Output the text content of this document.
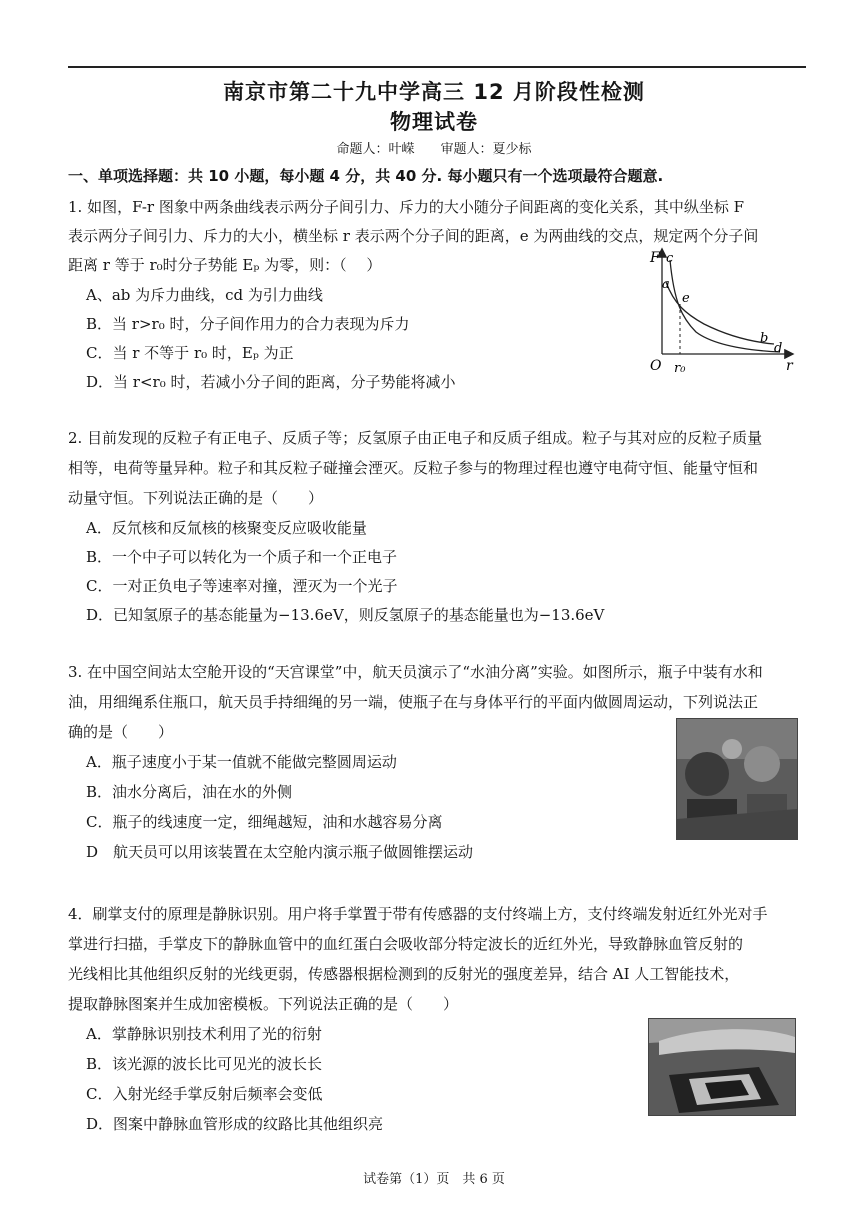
南京市第二十九中学高三 12 月阶段性检测
物理试卷
命题人：叶嵘　　审题人：夏少标
一、单项选择题：共 10 小题，每小题 4 分，共 40 分. 每小题只有一个选项最符合题意.
1. 如图，F-r 图象中两条曲线表示两分子间引力、斥力的大小随分子间距离的变化关系，其中纵坐标 F
表示两分子间引力、斥力的大小，横坐标 r 表示两个分子间的距离，e 为两曲线的交点，规定两个分子间
距离 r 等于 r₀时分子势能 Eₚ 为零，则：（　 ）
A、ab 为斥力曲线，cd 为引力曲线
B．当 r>r₀ 时，分子间作用力的合力表现为斥力
C．当 r 不等于 r₀ 时，Eₚ 为正
D．当 r<r₀ 时，若减小分子间的距离，分子势能将减小
F
r
O r₀
c
a
e
b
d
2. 目前发现的反粒子有正电子、反质子等；反氢原子由正电子和反质子组成。粒子与其对应的反粒子质量
相等，电荷等量异种。粒子和其反粒子碰撞会湮灭。反粒子参与的物理过程也遵守电荷守恒、能量守恒和
动量守恒。下列说法正确的是（　　）
A．反氘核和反氚核的核聚变反应吸收能量
B．一个中子可以转化为一个质子和一个正电子
C．一对正负电子等速率对撞，湮灭为一个光子
D．已知氢原子的基态能量为−13.6eV，则反氢原子的基态能量也为−13.6eV
3. 在中国空间站太空舱开设的“天宫课堂”中，航天员演示了“水油分离”实验。如图所示，瓶子中装有水和
油，用细绳系住瓶口，航天员手持细绳的另一端，使瓶子在与身体平行的平面内做圆周运动，下列说法正
确的是（　　）
A．瓶子速度小于某一值就不能做完整圆周运动
B．油水分离后，油在水的外侧
C．瓶子的线速度一定，细绳越短，油和水越容易分离
D　航天员可以用该装置在太空舱内演示瓶子做圆锥摆运动
4．刷掌支付的原理是静脉识别。用户将手掌置于带有传感器的支付终端上方，支付终端发射近红外光对手
掌进行扫描，手掌皮下的静脉血管中的血红蛋白会吸收部分特定波长的近红外光，导致静脉血管反射的
光线相比其他组织反射的光线更弱，传感器根据检测到的反射光的强度差异，结合 AI 人工智能技术，
提取静脉图案并生成加密模板。下列说法正确的是（　　）
A．掌静脉识别技术利用了光的衍射
B．该光源的波长比可见光的波长长
C．入射光经手掌反射后频率会变低
D．图案中静脉血管形成的纹路比其他组织亮
试卷第（1）页　共 6 页
